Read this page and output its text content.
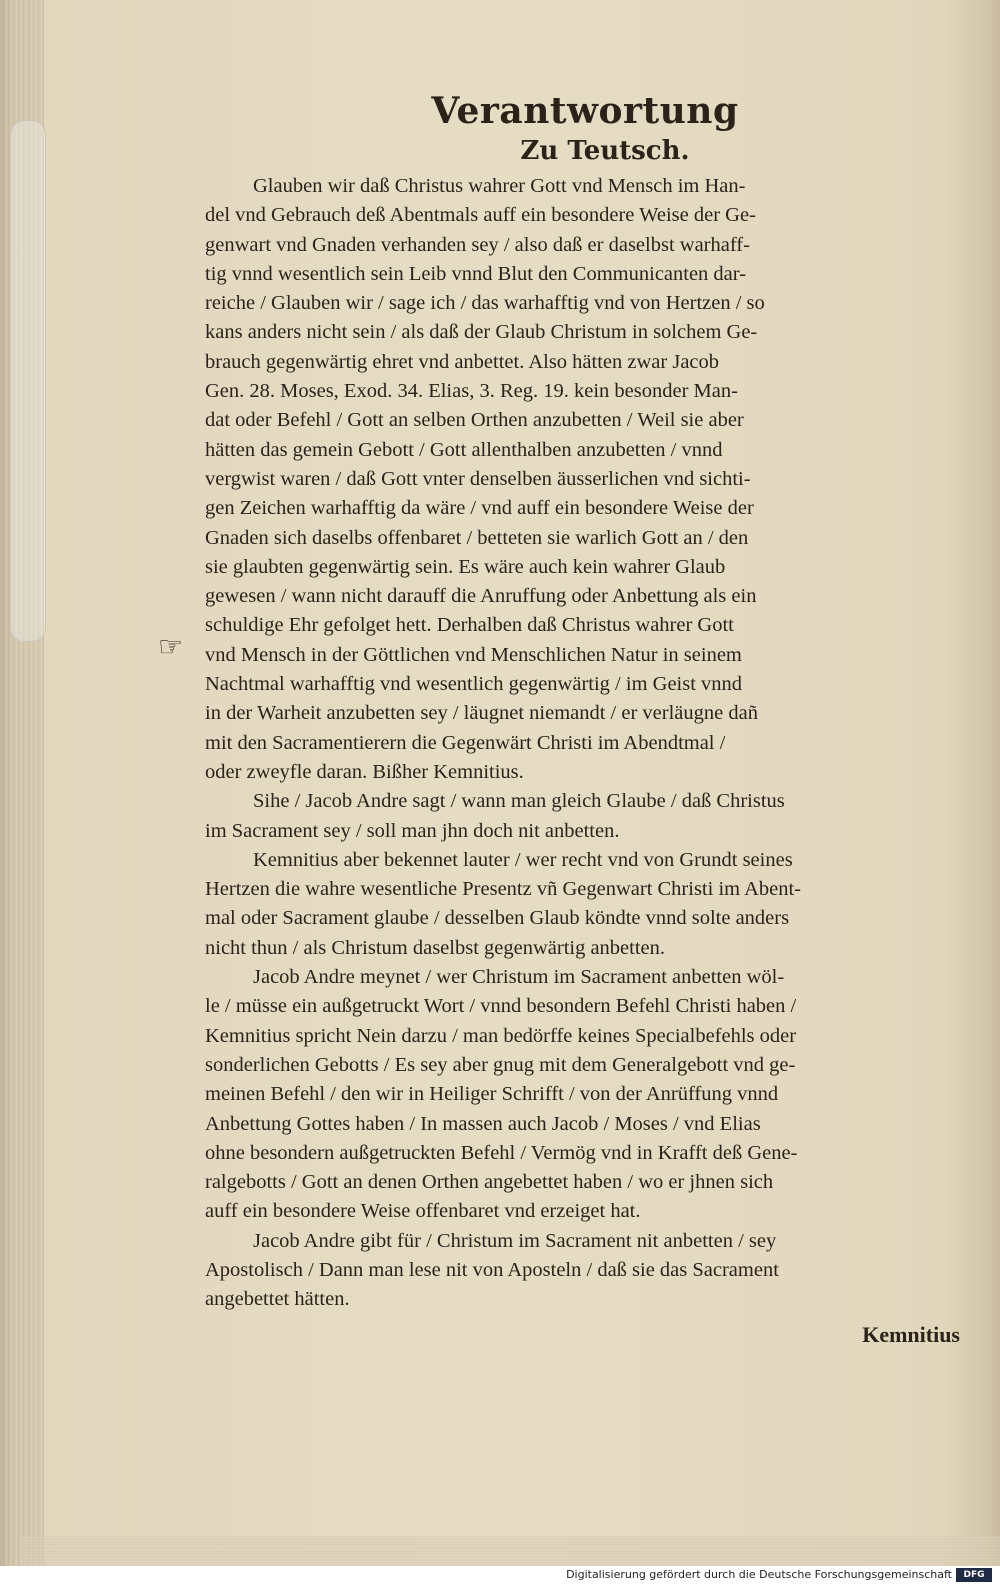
☞
Verantwortung
Zu Teutsch.

Glauben wir daß Christus wahrer Gott vnd Mensch im Han-
del vnd Gebrauch deß Abentmals auff ein besondere Weise der Ge-
genwart vnd Gnaden verhanden sey / also daß er daselbst warhaff-
tig vnnd wesentlich sein Leib vnnd Blut den Communicanten dar-
reiche / Glauben wir / sage ich / das warhafftig vnd von Hertzen / so
kans anders nicht sein / als daß der Glaub Christum in solchem Ge-
brauch gegenwärtig ehret vnd anbettet. Also hätten zwar Jacob
Gen. 28. Moses, Exod. 34. Elias, 3. Reg. 19. kein besonder Man-
dat oder Befehl / Gott an selben Orthen anzubetten / Weil sie aber
hätten das gemein Gebott / Gott allenthalben anzubetten / vnnd
vergwist waren / daß Gott vnter denselben äusserlichen vnd sichti-
gen Zeichen warhafftig da wäre / vnd auff ein besondere Weise der
Gnaden sich daselbs offenbaret / betteten sie warlich Gott an / den
sie glaubten gegenwärtig sein. Es wäre auch kein wahrer Glaub
gewesen / wann nicht darauff die Anruffung oder Anbettung als ein
schuldige Ehr gefolget hett. Derhalben daß Christus wahrer Gott
vnd Mensch in der Göttlichen vnd Menschlichen Natur in seinem
Nachtmal warhafftig vnd wesentlich gegenwärtig / im Geist vnnd
in der Warheit anzubetten sey / läugnet niemandt / er verläugne dañ
mit den Sacramentierern die Gegenwärt Christi im Abendtmal /
oder zweyfle daran. Bißher Kemnitius.

Sihe / Jacob Andre sagt / wann man gleich Glaube / daß Christus
im Sacrament sey / soll man jhn doch nit anbetten.

Kemnitius aber bekennet lauter / wer recht vnd von Grundt seines
Hertzen die wahre wesentliche Presentz vñ Gegenwart Christi im Abent-
mal oder Sacrament glaube / desselben Glaub köndte vnnd solte anders
nicht thun / als Christum daselbst gegenwärtig anbetten.

Jacob Andre meynet / wer Christum im Sacrament anbetten wöl-
le / müsse ein außgetruckt Wort / vnnd besondern Befehl Christi haben /
Kemnitius spricht Nein darzu / man bedörffe keines Specialbefehls oder
sonderlichen Gebotts / Es sey aber gnug mit dem Generalgebott vnd ge-
meinen Befehl / den wir in Heiliger Schrifft / von der Anrüffung vnnd
Anbettung Gottes haben / In massen auch Jacob / Moses / vnd Elias
ohne besondern außgetruckten Befehl / Vermög vnd in Krafft deß Gene-
ralgebotts / Gott an denen Orthen angebettet haben / wo er jhnen sich
auff ein besondere Weise offenbaret vnd erzeiget hat.

Jacob Andre gibt für / Christum im Sacrament nit anbetten / sey
Apostolisch / Dann man lese nit von Aposteln / daß sie das Sacrament
angebettet hätten.

Kemnitius
Digitalisierung gefördert durch die Deutsche Forschungsgemeinschaft	DFG
